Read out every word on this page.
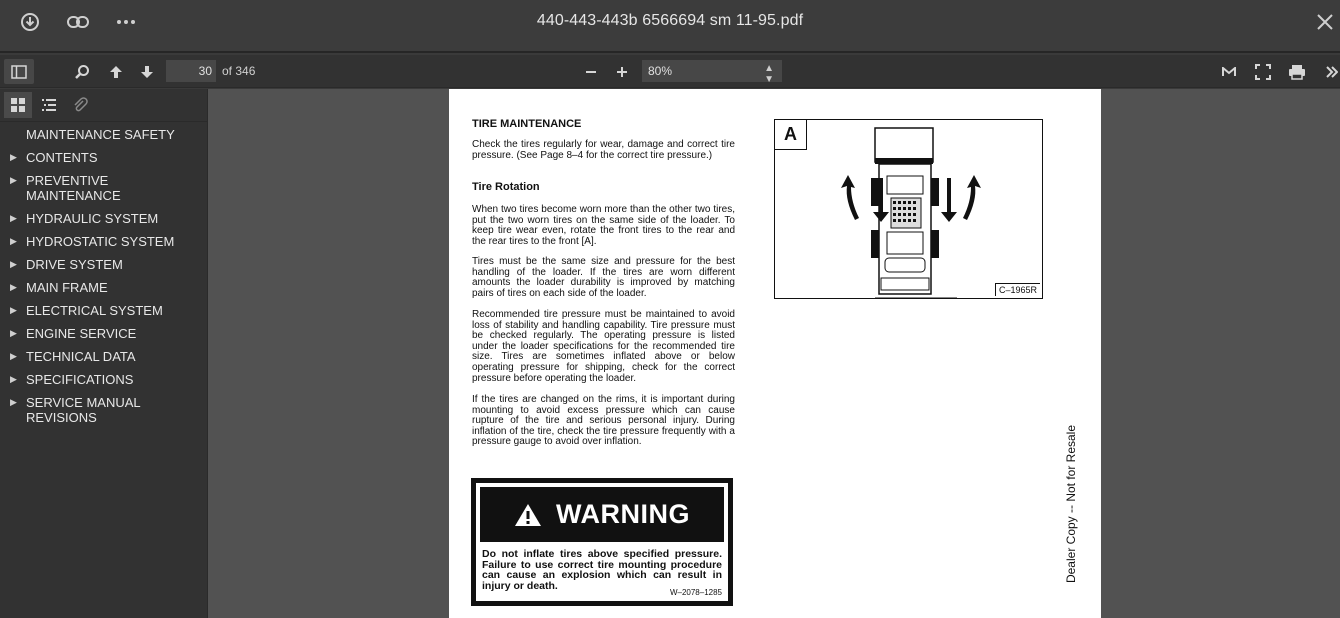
440-443-443b 6566694 sm 11-95.pdf
30
of 346	80%	▲
▼
MAINTENANCE SAFETY
▶ CONTENTS
▶ PREVENTIVE
MAINTENANCE
▶ HYDRAULIC SYSTEM
▶ HYDROSTATIC SYSTEM
▶ DRIVE SYSTEM
▶ MAIN FRAME
▶ ELECTRICAL SYSTEM
▶ ENGINE SERVICE
▶ TECHNICAL DATA
▶ SPECIFICATIONS
▶ SERVICE MANUAL
REVISIONS
TIRE MAINTENANCE
Check the tires regularly for wear, damage and correct tire pressure. (See Page 8–4 for the correct tire pressure.)
Tire Rotation
When two tires become worn more than the other two tires, put the two worn tires on the same side of the loader. To keep tire wear even, rotate the front tires to the rear and the rear tires to the front [A].
Tires must be the same size and pressure for the best handling of the loader. If the tires are worn different amounts the loader durability is improved by matching pairs of tires on each side of the loader.
Recommended tire pressure must be maintained to avoid loss of stability and handling capability. Tire pressure must be checked regularly. The operating pressure is listed under the loader specifications for the recommended tire size. Tires are sometimes inflated above or below operating pressure for shipping, check for the correct pressure before operating the loader.
If the tires are changed on the rims, it is important during mounting to avoid excess pressure which can cause rupture of the tire and serious personal injury. During inflation of the tire, check the tire pressure frequently with a pressure gauge to avoid over inflation.
A
C–1965R
WARNING
Do not inflate tires above specified pressure. Failure to use correct tire mounting procedure can cause an explosion which can result in injury or death.
W–2078–1285
Dealer Copy -- Not for Resale
